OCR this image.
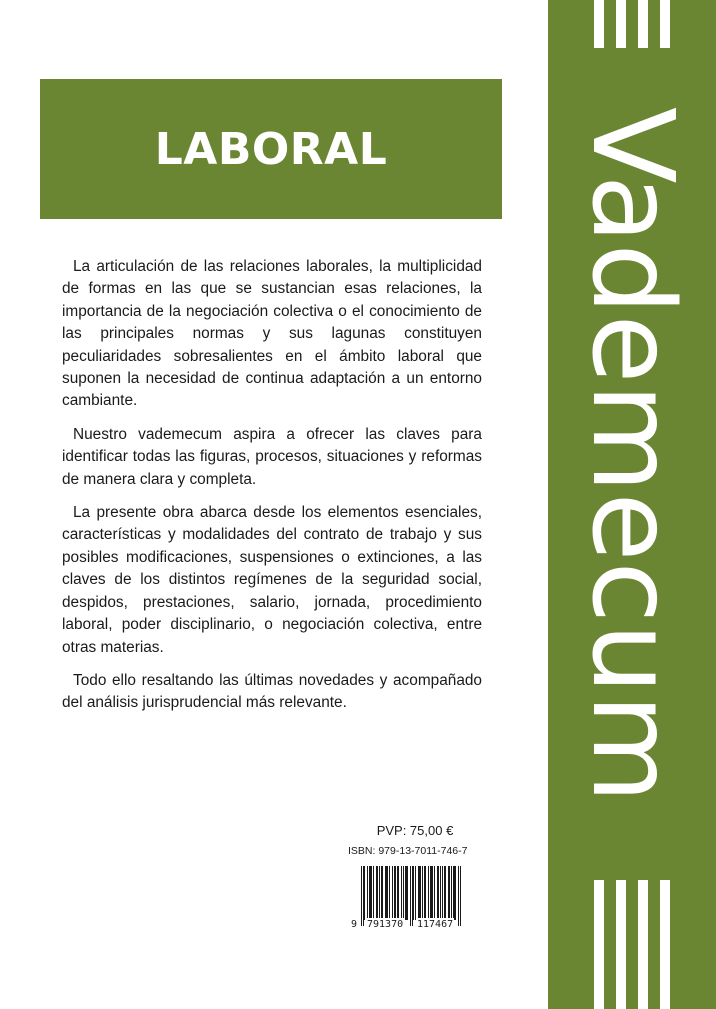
LABORAL

La articulación de las relaciones laborales, la multiplicidad de formas en las que se sustancian esas relaciones, la importancia de la negociación colectiva o el conocimiento de las principales normas y sus lagunas constituyen peculiaridades sobresalientes en el ámbito laboral que suponen la necesidad de continua adaptación a un entorno cambiante.

Nuestro vademecum aspira a ofrecer las claves para identificar todas las figuras, procesos, situaciones y reformas de manera clara y completa.

La presente obra abarca desde los elementos esenciales, características y modalidades del contrato de trabajo y sus posibles modificaciones, suspensiones o extinciones, a las claves de los distintos regímenes de la seguridad social, despidos, prestaciones, salario, jornada, procedimiento laboral, poder disciplinario, o negociación colectiva, entre otras materias.

Todo ello resaltando las últimas novedades y acompañado del análisis jurisprudencial más relevante.	Vademecum
PVP: 75,00 €
ISBN: 979-13-7011-746-7
9 791370 117467
